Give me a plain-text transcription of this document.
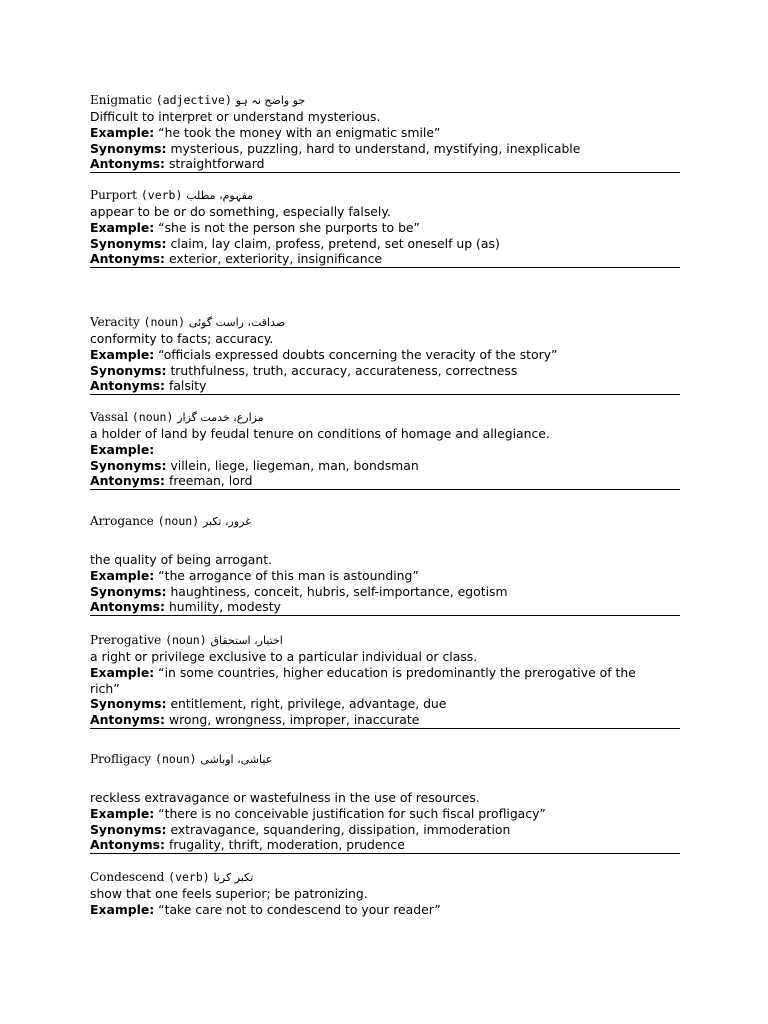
Enigmatic (adjective) جو واضح نہ ہو
Difficult to interpret or understand mysterious.
Example: “he took the money with an enigmatic smile”
Synonyms: mysterious, puzzling, hard to understand, mystifying, inexplicable
Antonyms: straightforward
Purport (verb) مفہوم، مطلب
appear to be or do something, especially falsely.
Example: “she is not the person she purports to be”
Synonyms: claim, lay claim, profess, pretend, set oneself up (as)
Antonyms: exterior, exteriority, insignificance
Veracity (noun) صداقت، راست گوئی
conformity to facts; accuracy.
Example: “officials expressed doubts concerning the veracity of the story”
Synonyms: truthfulness, truth, accuracy, accurateness, correctness
Antonyms: falsity
Vassal (noun) مزارع، خدمت گزار
a holder of land by feudal tenure on conditions of homage and allegiance.
Example:
Synonyms: villein, liege, liegeman, man, bondsman
Antonyms: freeman, lord
Arrogance (noun) غرور، تکبر
the quality of being arrogant.
Example: “the arrogance of this man is astounding”
Synonyms: haughtiness, conceit, hubris, self-importance, egotism
Antonyms: humility, modesty
Prerogative (noun) اختیار، استحقاق
a right or privilege exclusive to a particular individual or class.
Example: “in some countries, higher education is predominantly the prerogative of the
rich”
Synonyms: entitlement, right, privilege, advantage, due
Antonyms: wrong, wrongness, improper, inaccurate
Profligacy (noun) عیاشی، اوباشی
reckless extravagance or wastefulness in the use of resources.
Example: “there is no conceivable justification for such fiscal profligacy”
Synonyms: extravagance, squandering, dissipation, immoderation
Antonyms: frugality, thrift, moderation, prudence
Condescend (verb) تکبر کرنا
show that one feels superior; be patronizing.
Example: “take care not to condescend to your reader”
